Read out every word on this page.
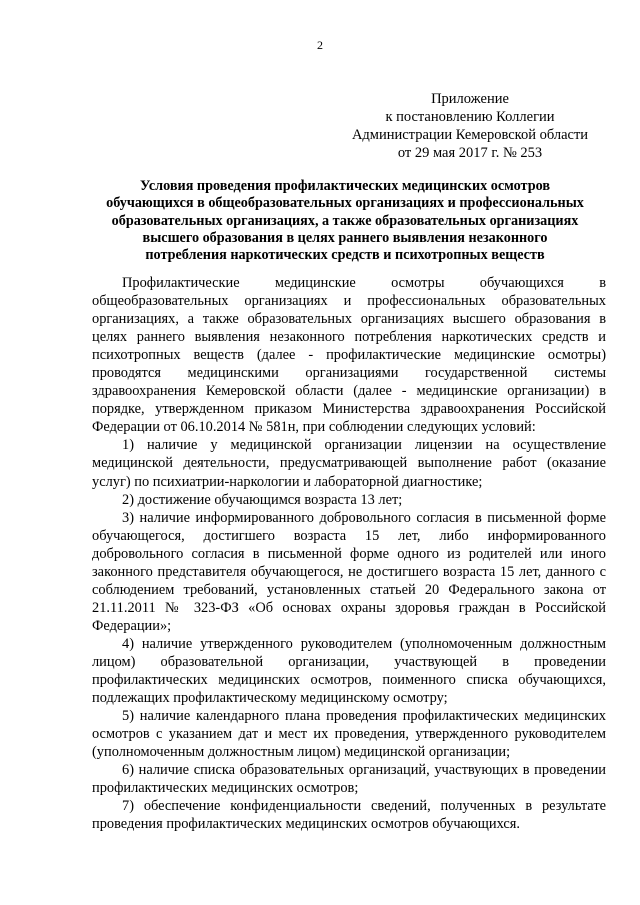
2
Приложение
к постановлению Коллегии
Администрации Кемеровской области
от 29 мая 2017 г. № 253
Условия проведения профилактических медицинских осмотров
обучающихся в общеобразовательных организациях и профессиональных
образовательных организациях, а также образовательных организациях
высшего образования в целях раннего выявления незаконного
потребления наркотических средств и психотропных веществ

Профилактические медицинские осмотры обучающихся в общеобразовательных организациях и профессиональных образовательных организациях, а также образовательных организациях высшего образования в целях раннего выявления незаконного потребления наркотических средств и психотропных веществ (далее - профилактические медицинские осмотры) проводятся медицинскими организациями государственной системы здравоохранения Кемеровской области (далее - медицинские организации) в порядке, утвержденном приказом Министерства здравоохранения Российской Федерации от 06.10.2014 № 581н, при соблюдении следующих условий:

1) наличие у медицинской организации лицензии на осуществление медицинской деятельности, предусматривающей выполнение работ (оказание услуг) по психиатрии-наркологии и лабораторной диагностике;

2) достижение обучающимся возраста 13 лет;

3) наличие информированного добровольного согласия в письменной форме обучающегося, достигшего возраста 15 лет, либо информированного добровольного согласия в письменной форме одного из родителей или иного законного представителя обучающегося, не достигшего возраста 15 лет, данного с соблюдением требований, установленных статьей 20 Федерального закона от 21.11.2011 № 323-ФЗ «Об основах охраны здоровья граждан в Российской Федерации»;

4) наличие утвержденного руководителем (уполномоченным должностным лицом) образовательной организации, участвующей в проведении профилактических медицинских осмотров, поименного списка обучающихся, подлежащих профилактическому медицинскому осмотру;

5) наличие календарного плана проведения профилактических медицинских осмотров с указанием дат и мест их проведения, утвержденного руководителем (уполномоченным должностным лицом) медицинской организации;

6) наличие списка образовательных организаций, участвующих в проведении профилактических медицинских осмотров;

7) обеспечение конфиденциальности сведений, полученных в результате проведения профилактических медицинских осмотров обучающихся.
